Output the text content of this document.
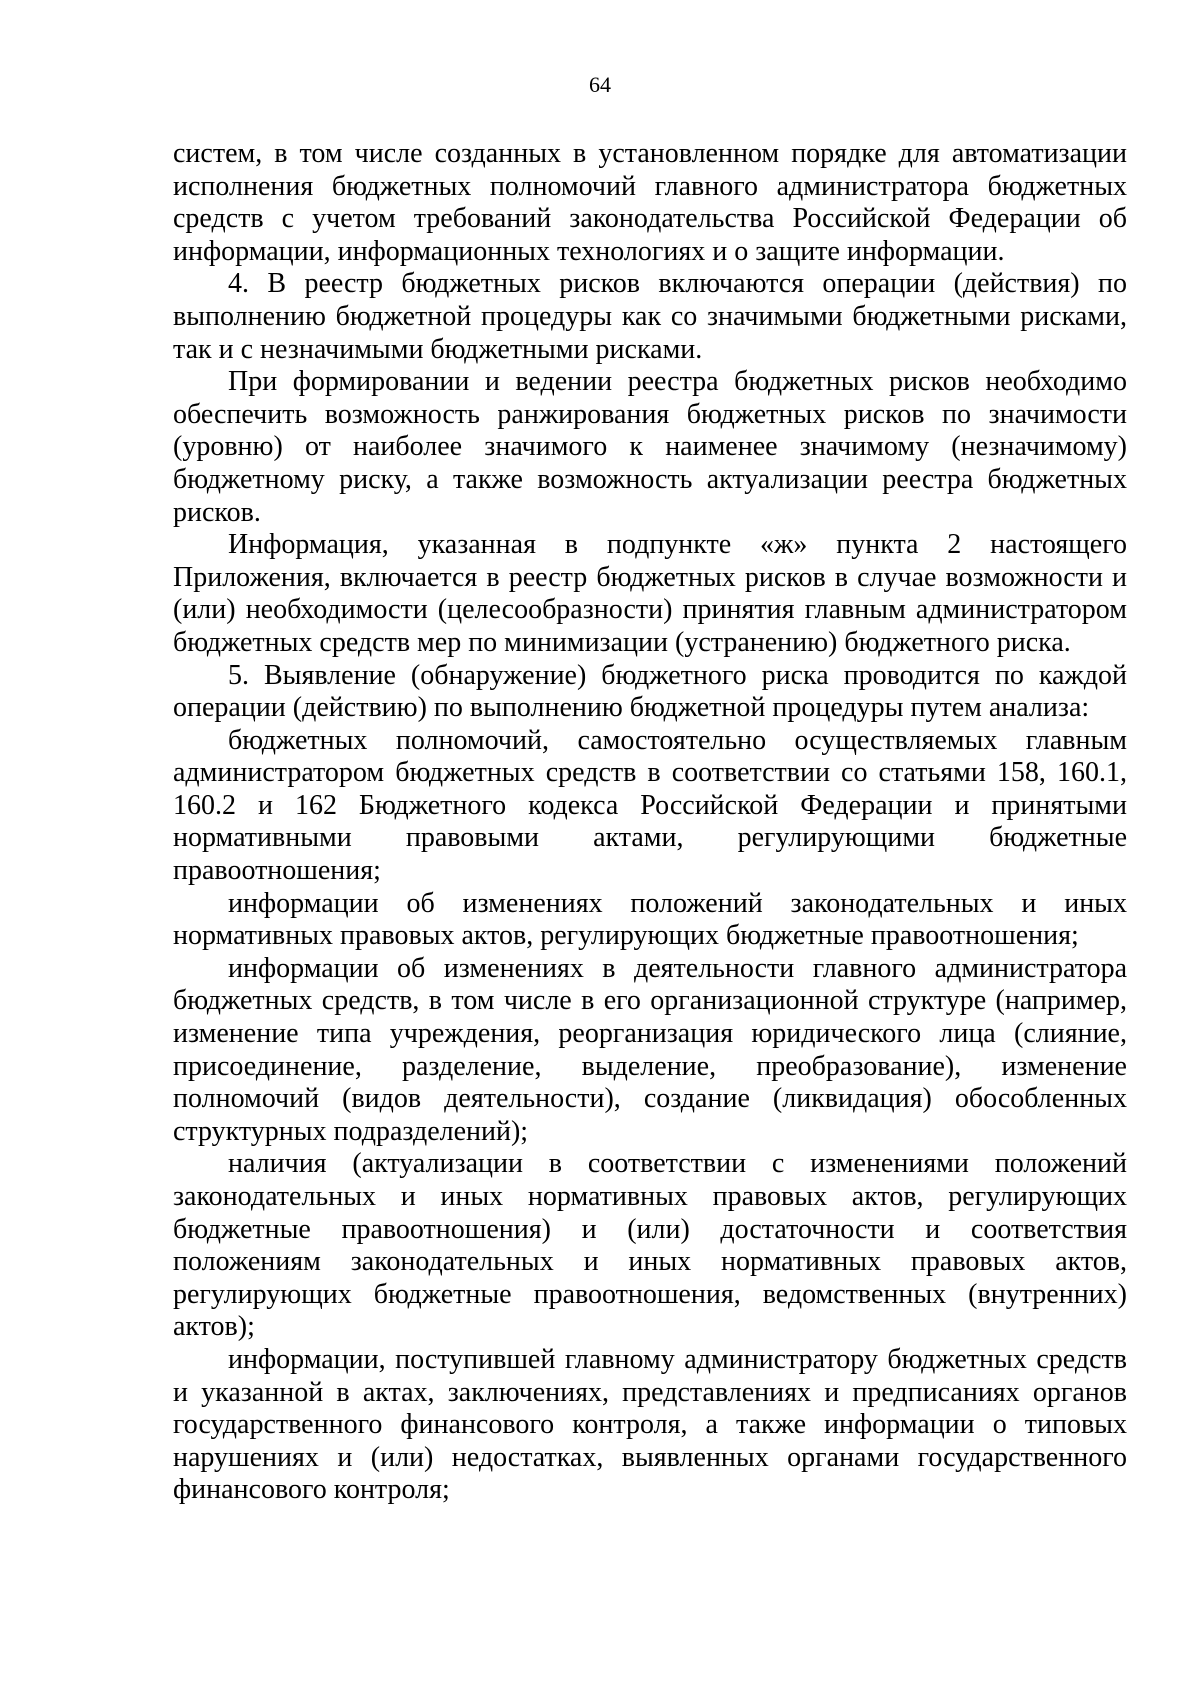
64

систем, в том числе созданных в установленном порядке для автоматизации исполнения бюджетных полномочий главного администратора бюджетных средств с учетом требований законодательства Российской Федерации об информации, информационных технологиях и о защите информации.

4. В реестр бюджетных рисков включаются операции (действия) по выполнению бюджетной процедуры как со значимыми бюджетными рисками, так и с незначимыми бюджетными рисками.

При формировании и ведении реестра бюджетных рисков необходимо обеспечить возможность ранжирования бюджетных рисков по значимости (уровню) от наиболее значимого к наименее значимому (незначимому) бюджетному риску, а также возможность актуализации реестра бюджетных рисков.

Информация, указанная в подпункте «ж» пункта 2 настоящего Приложения, включается в реестр бюджетных рисков в случае возможности и (или) необходимости (целесообразности) принятия главным администратором бюджетных средств мер по минимизации (устранению) бюджетного риска.

5. Выявление (обнаружение) бюджетного риска проводится по каждой операции (действию) по выполнению бюджетной процедуры путем анализа:

бюджетных полномочий, самостоятельно осуществляемых главным администратором бюджетных средств в соответствии со статьями 158, 160.1, 160.2 и 162 Бюджетного кодекса Российской Федерации и принятыми нормативными правовыми актами, регулирующими бюджетные правоотношения;

информации об изменениях положений законодательных и иных нормативных правовых актов, регулирующих бюджетные правоотношения;

информации об изменениях в деятельности главного администратора бюджетных средств, в том числе в его организационной структуре (например, изменение типа учреждения, реорганизация юридического лица (слияние, присоединение, разделение, выделение, преобразование), изменение полномочий (видов деятельности), создание (ликвидация) обособленных структурных подразделений);

наличия (актуализации в соответствии с изменениями положений законодательных и иных нормативных правовых актов, регулирующих бюджетные правоотношения) и (или) достаточности и соответствия положениям законодательных и иных нормативных правовых актов, регулирующих бюджетные правоотношения, ведомственных (внутренних) актов);

информации, поступившей главному администратору бюджетных средств и указанной в актах, заключениях, представлениях и предписаниях органов государственного финансового контроля, а также информации о типовых нарушениях и (или) недостатках, выявленных органами государственного финансового контроля;
